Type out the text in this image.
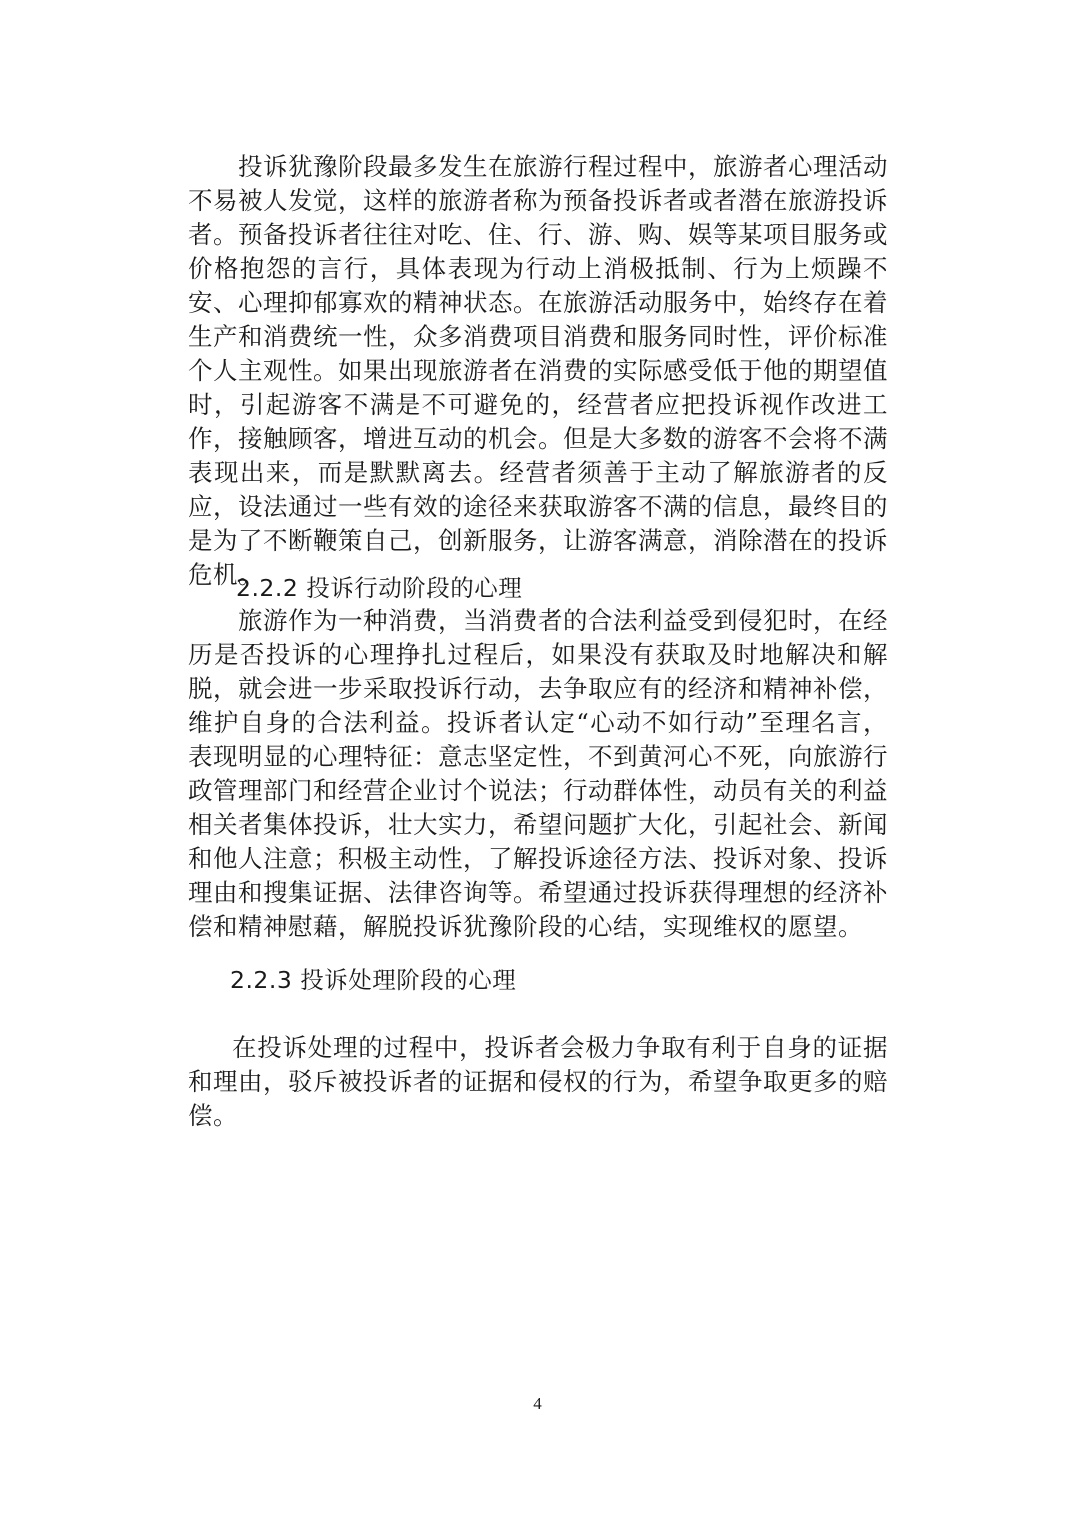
投诉犹豫阶段最多发生在旅游行程过程中，旅游者心理活动不易被人发觉，这样的旅游者称为预备投诉者或者潜在旅游投诉者。预备投诉者往往对吃、住、行、游、购、娱等某项目服务或价格抱怨的言行，具体表现为行动上消极抵制、行为上烦躁不安、心理抑郁寡欢的精神状态。在旅游活动服务中，始终存在着生产和消费统一性，众多消费项目消费和服务同时性，评价标准个人主观性。如果出现旅游者在消费的实际感受低于他的期望值时，引起游客不满是不可避免的，经营者应把投诉视作改进工作，接触顾客，增进互动的机会。但是大多数的游客不会将不满表现出来，而是默默离去。经营者须善于主动了解旅游者的反应，设法通过一些有效的途径来获取游客不满的信息，最终目的是为了不断鞭策自己，创新服务，让游客满意，消除潜在的投诉危机。

2.2.2 投诉行动阶段的心理

旅游作为一种消费，当消费者的合法利益受到侵犯时，在经历是否投诉的心理挣扎过程后，如果没有获取及时地解决和解脱，就会进一步采取投诉行动，去争取应有的经济和精神补偿，维护自身的合法利益。投诉者认定“心动不如行动”至理名言，表现明显的心理特征：意志坚定性，不到黄河心不死，向旅游行政管理部门和经营企业讨个说法；行动群体性，动员有关的利益相关者集体投诉，壮大实力，希望问题扩大化，引起社会、新闻和他人注意；积极主动性，了解投诉途径方法、投诉对象、投诉理由和搜集证据、法律咨询等。希望通过投诉获得理想的经济补偿和精神慰藉，解脱投诉犹豫阶段的心结，实现维权的愿望。

2.2.3 投诉处理阶段的心理

在投诉处理的过程中，投诉者会极力争取有利于自身的证据和理由，驳斥被投诉者的证据和侵权的行为，希望争取更多的赔偿。

4
